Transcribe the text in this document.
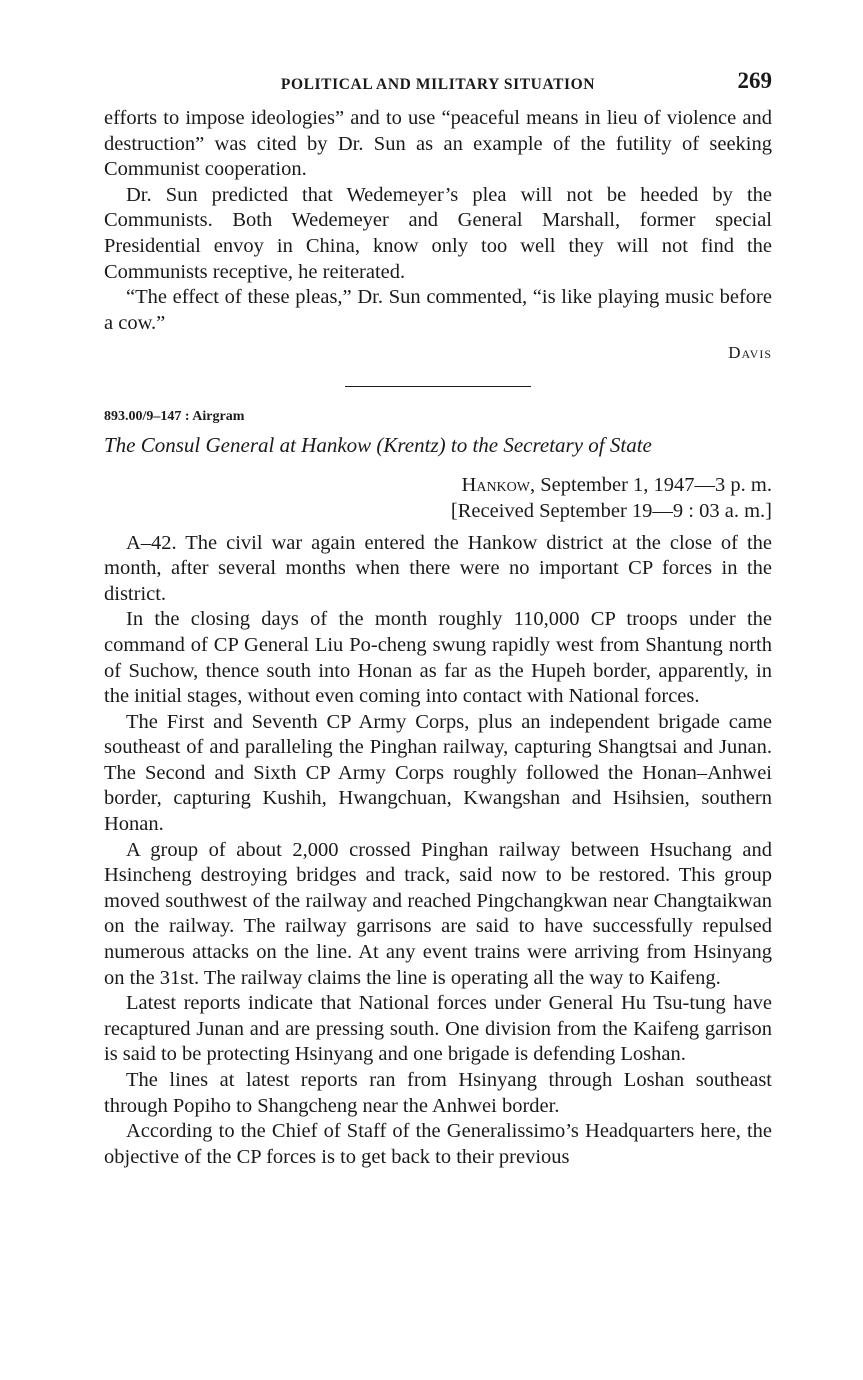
POLITICAL AND MILITARY SITUATION	269

efforts to impose ideologies” and to use “peaceful means in lieu of violence and destruction” was cited by Dr. Sun as an example of the futility of seeking Communist cooperation.

Dr. Sun predicted that Wedemeyer’s plea will not be heeded by the Communists. Both Wedemeyer and General Marshall, former special Presidential envoy in China, know only too well they will not find the Communists receptive, he reiterated.

“The effect of these pleas,” Dr. Sun commented, “is like playing music before a cow.”

Davis
893.00/9–147 : Airgram
The Consul General at Hankow (Krentz) to the Secretary of State
Hankow, September 1, 1947—3 p. m.
[Received September 19—9 : 03 a. m.]

A–42. The civil war again entered the Hankow district at the close of the month, after several months when there were no important CP forces in the district.

In the closing days of the month roughly 110,000 CP troops under the command of CP General Liu Po-cheng swung rapidly west from Shantung north of Suchow, thence south into Honan as far as the Hupeh border, apparently, in the initial stages, without even coming into contact with National forces.

The First and Seventh CP Army Corps, plus an independent brigade came southeast of and paralleling the Pinghan railway, capturing Shangtsai and Junan. The Second and Sixth CP Army Corps roughly followed the Honan–Anhwei border, capturing Kushih, Hwangchuan, Kwangshan and Hsihsien, southern Honan.

A group of about 2,000 crossed Pinghan railway between Hsuchang and Hsincheng destroying bridges and track, said now to be restored. This group moved southwest of the railway and reached Pingchangkwan near Changtaikwan on the railway. The railway garrisons are said to have successfully repulsed numerous attacks on the line. At any event trains were arriving from Hsinyang on the 31st. The railway claims the line is operating all the way to Kaifeng.

Latest reports indicate that National forces under General Hu Tsu-tung have recaptured Junan and are pressing south. One division from the Kaifeng garrison is said to be protecting Hsinyang and one brigade is defending Loshan.

The lines at latest reports ran from Hsinyang through Loshan southeast through Popiho to Shangcheng near the Anhwei border.

According to the Chief of Staff of the Generalissimo’s Headquarters here, the objective of the CP forces is to get back to their previous
